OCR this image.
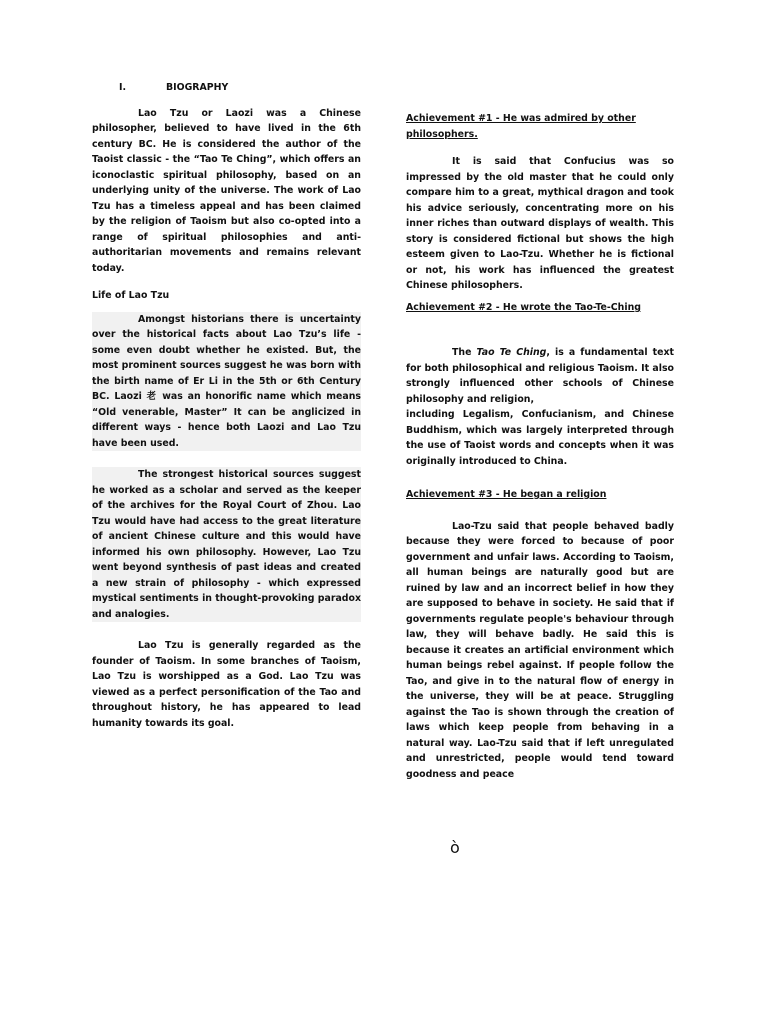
I.	BIOGRAPHY

Lao Tzu or Laozi was a Chinese philosopher, believed to have lived in the 6th century BC. He is considered the author of the Taoist classic - the “Tao Te Ching”, which offers an iconoclastic spiritual philosophy, based on an underlying unity of the universe. The work of Lao Tzu has a timeless appeal and has been claimed by the religion of Taoism but also co-opted into a range of spiritual philosophies and anti-authoritarian movements and remains relevant today.

Life of Lao Tzu

Amongst historians there is uncertainty over the historical facts about Lao Tzu’s life - some even doubt whether he existed. But, the most prominent sources suggest he was born with the birth name of Er Li in the 5th or 6th Century BC. Laozi 老 was an honorific name which means “Old venerable, Master” It can be anglicized in different ways - hence both Laozi and Lao Tzu have been used.

The strongest historical sources suggest he worked as a scholar and served as the keeper of the archives for the Royal Court of Zhou. Lao Tzu would have had access to the great literature of ancient Chinese culture and this would have informed his own philosophy. However, Lao Tzu went beyond synthesis of past ideas and created a new strain of philosophy - which expressed mystical sentiments in thought-provoking paradox and analogies.

Lao Tzu is generally regarded as the founder of Taoism. In some branches of Taoism, Lao Tzu is worshipped as a God. Lao Tzu was viewed as a perfect personification of the Tao and throughout history, he has appeared to lead humanity towards its goal.

Achievement #1 - He was admired by other philosophers.

It is said that Confucius was so impressed by the old master that he could only compare him to a great, mythical dragon and took his advice seriously, concentrating more on his inner riches than outward displays of wealth. This story is considered fictional but shows the high esteem given to Lao-Tzu. Whether he is fictional or not, his work has influenced the greatest Chinese philosophers.

Achievement #2 - He wrote the Tao-Te-Ching

The Tao Te Ching, is a fundamental text for both philosophical and religious Taoism. It also strongly influenced other schools of Chinese philosophy and religion,

including Legalism, Confucianism, and Chinese Buddhism, which was largely interpreted through the use of Taoist words and concepts when it was originally introduced to China.

Achievement #3 - He began a religion

Lao-Tzu said that people behaved badly because they were forced to because of poor government and unfair laws. According to Taoism, all human beings are naturally good but are ruined by law and an incorrect belief in how they are supposed to behave in society. He said that if governments regulate people's behaviour through law, they will behave badly. He said this is because it creates an artificial environment which human beings rebel against. If people follow the Tao, and give in to the natural flow of energy in the universe, they will be at peace. Struggling against the Tao is shown through the creation of laws which keep people from behaving in a natural way. Lao-Tzu said that if left unregulated and unrestricted, people would tend toward goodness and peace

ò
